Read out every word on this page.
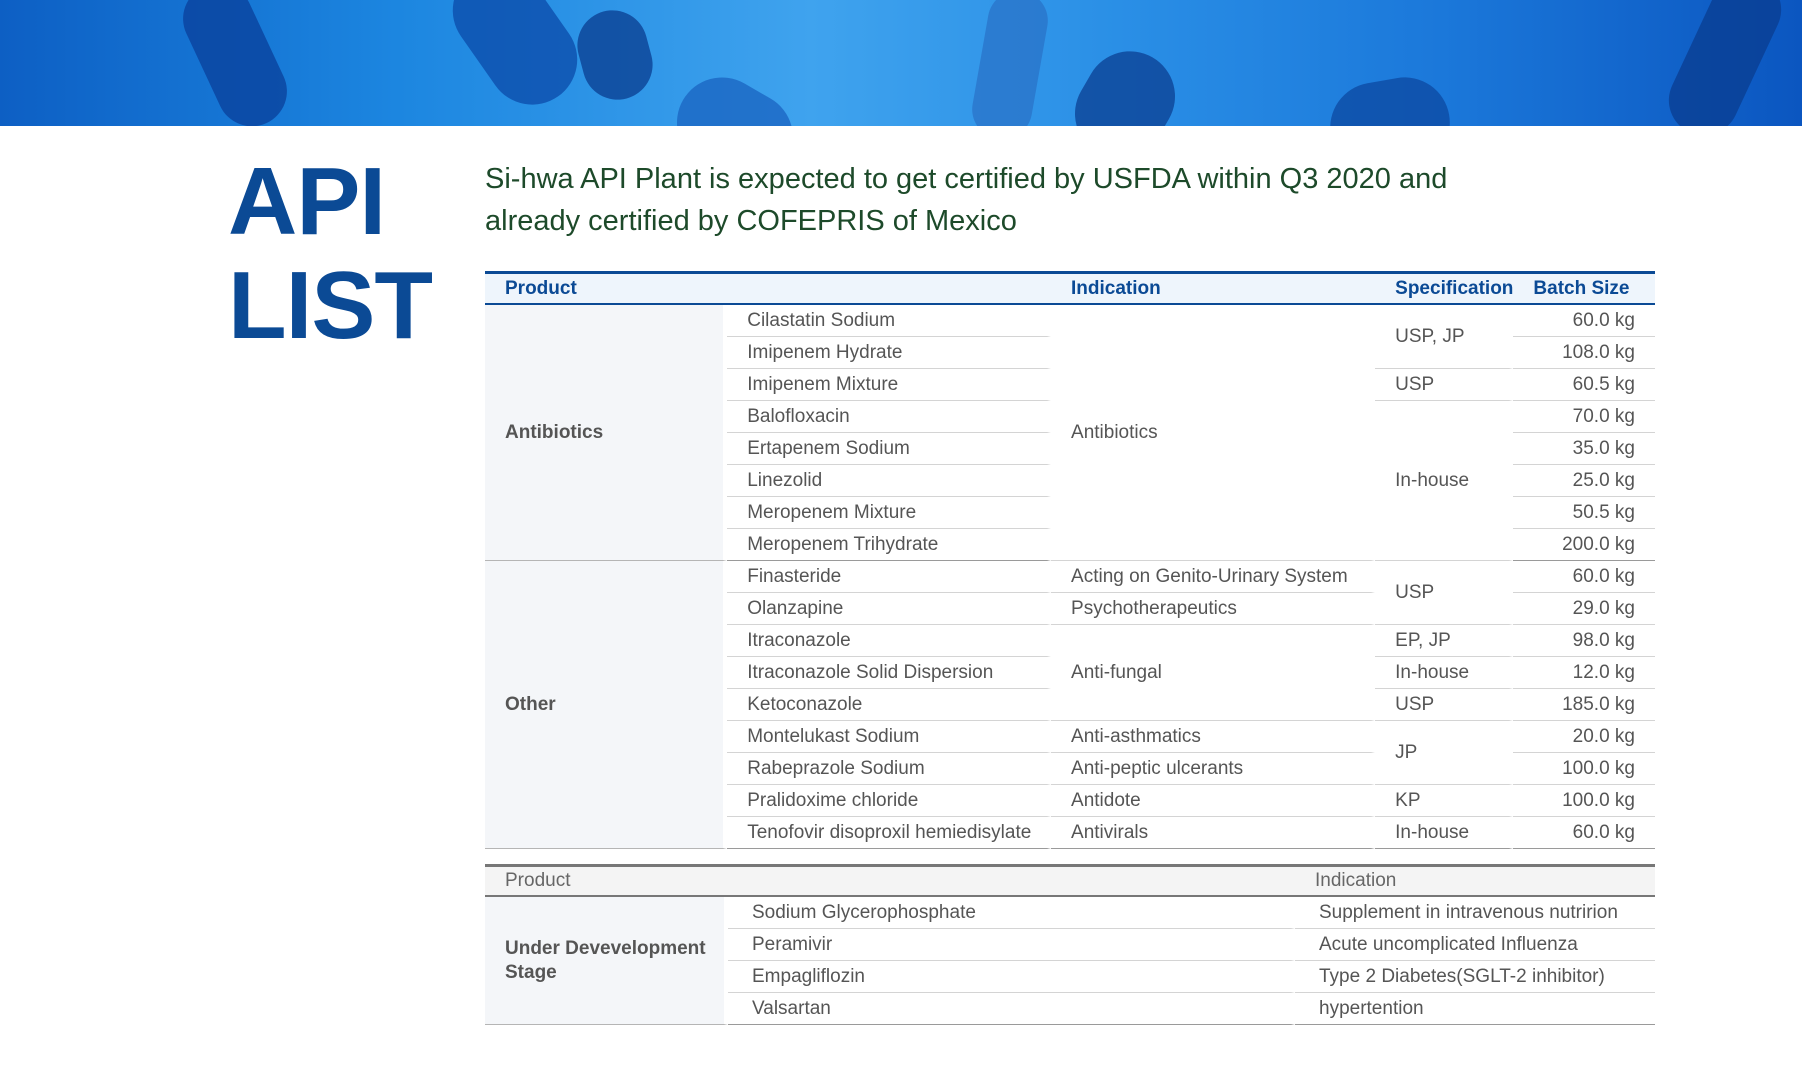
API
LIST
Si-hwa API Plant is expected to get certified by USFDA within Q3 2020 and already certified by COFEPRIS of Mexico
Product		Indication	Specification	Batch Size
Antibiotics	Cilastatin Sodium	Antibiotics	USP, JP	60.0 kg
	Imipenem Hydrate			108.0 kg
	Imipenem Mixture		USP	60.5 kg
	Balofloxacin		In-house	70.0 kg
	Ertapenem Sodium			35.0 kg
	Linezolid			25.0 kg
	Meropenem Mixture			50.5 kg
	Meropenem Trihydrate			200.0 kg
Other	Finasteride	Acting on Genito-Urinary System	USP	60.0 kg
	Olanzapine	Psychotherapeutics		29.0 kg
	Itraconazole	Anti-fungal	EP, JP	98.0 kg
	Itraconazole Solid Dispersion		In-house	12.0 kg
	Ketoconazole		USP	185.0 kg
	Montelukast Sodium	Anti-asthmatics	JP	20.0 kg
	Rabeprazole Sodium	Anti-peptic ulcerants		100.0 kg
	Pralidoxime chloride	Antidote	KP	100.0 kg
	Tenofovir disoproxil hemiedisylate	Antivirals	In-house	60.0 kg
Product		Indication
Under Devevelopment Stage	Sodium Glycerophosphate	Supplement in intravenous nutririon
	Peramivir	Acute uncomplicated Influenza
	Empagliflozin	Type 2 Diabetes(SGLT-2 inhibitor)
	Valsartan	hypertention
